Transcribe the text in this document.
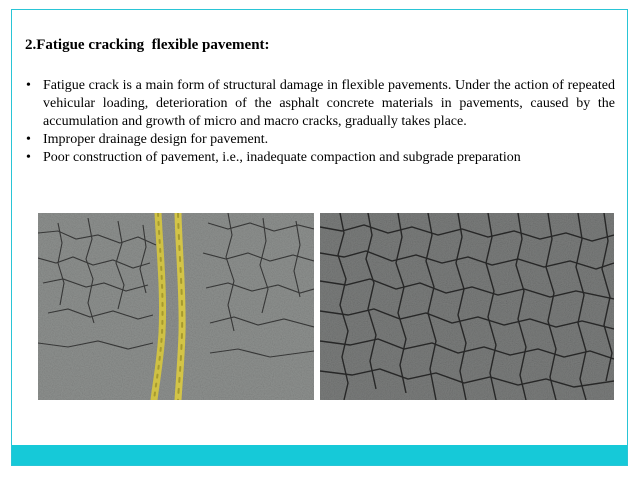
2.Fatigue cracking  flexible pavement:
• Fatigue crack is a main form of structural damage in flexible pavements. Under the action of repeated vehicular loading, deterioration of the asphalt concrete materials in pavements, caused by the accumulation and growth of micro and macro cracks, gradually takes place.
• Improper drainage design for pavement.
• Poor construction of pavement, i.e., inadequate compaction and subgrade preparation
